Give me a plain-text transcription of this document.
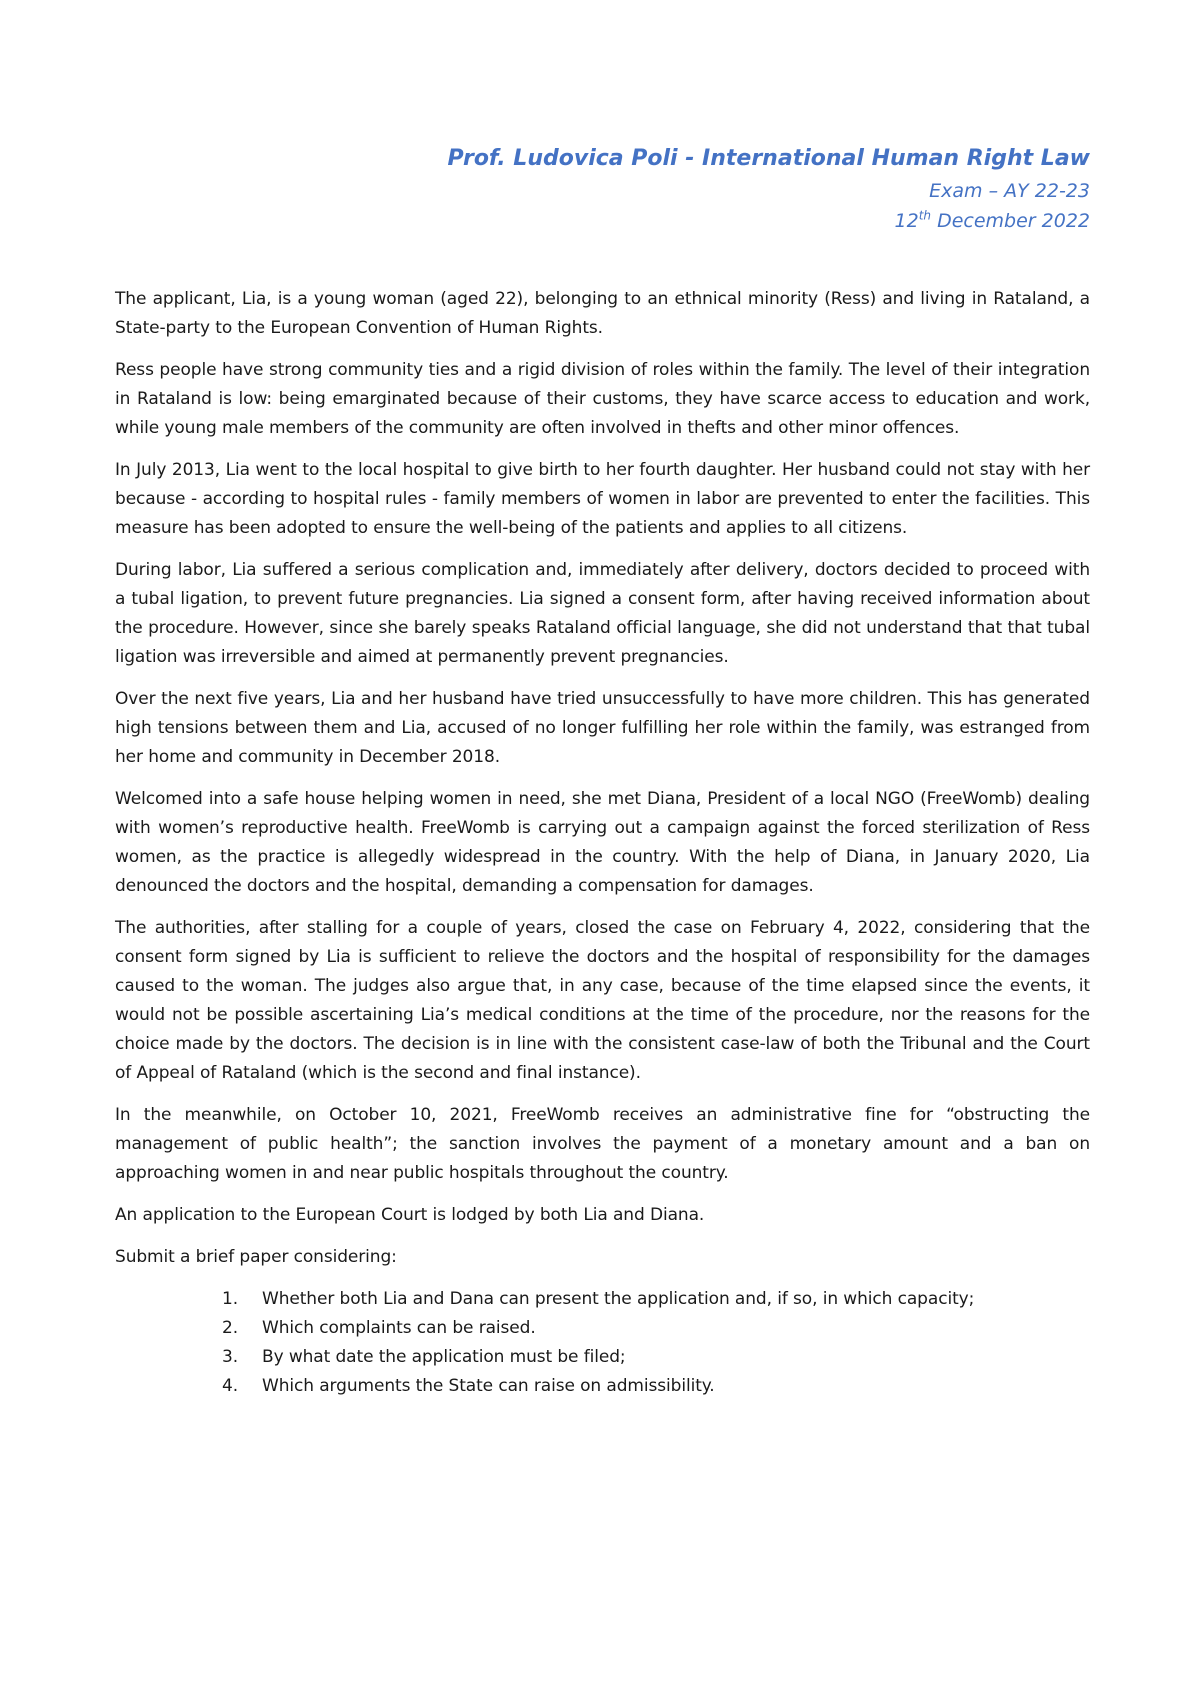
Prof. Ludovica Poli - International Human Right Law
Exam – AY 22-23
12th December 2022

The applicant, Lia, is a young woman (aged 22), belonging to an ethnical minority (Ress) and living in Rataland, a State-party to the European Convention of Human Rights.

Ress people have strong community ties and a rigid division of roles within the family. The level of their integration in Rataland is low: being emarginated because of their customs, they have scarce access to education and work, while young male members of the community are often involved in thefts and other minor offences.

In July 2013, Lia went to the local hospital to give birth to her fourth daughter. Her husband could not stay with her because - according to hospital rules - family members of women in labor are prevented to enter the facilities. This measure has been adopted to ensure the well-being of the patients and applies to all citizens.

During labor, Lia suffered a serious complication and, immediately after delivery, doctors decided to proceed with a tubal ligation, to prevent future pregnancies. Lia signed a consent form, after having received information about the procedure. However, since she barely speaks Rataland official language, she did not understand that that tubal ligation was irreversible and aimed at permanently prevent pregnancies.

Over the next five years, Lia and her husband have tried unsuccessfully to have more children. This has generated high tensions between them and Lia, accused of no longer fulfilling her role within the family, was estranged from her home and community in December 2018.

Welcomed into a safe house helping women in need, she met Diana, President of a local NGO (FreeWomb) dealing with women’s reproductive health. FreeWomb is carrying out a campaign against the forced sterilization of Ress women, as the practice is allegedly widespread in the country. With the help of Diana, in January 2020, Lia denounced the doctors and the hospital, demanding a compensation for damages.

The authorities, after stalling for a couple of years, closed the case on February 4, 2022, considering that the consent form signed by Lia is sufficient to relieve the doctors and the hospital of responsibility for the damages caused to the woman. The judges also argue that, in any case, because of the time elapsed since the events, it would not be possible ascertaining Lia’s medical conditions at the time of the procedure, nor the reasons for the choice made by the doctors. The decision is in line with the consistent case-law of both the Tribunal and the Court of Appeal of Rataland (which is the second and final instance).

In the meanwhile, on October 10, 2021, FreeWomb receives an administrative fine for “obstructing the management of public health”; the sanction involves the payment of a monetary amount and a ban on approaching women in and near public hospitals throughout the country.

An application to the European Court is lodged by both Lia and Diana.

Submit a brief paper considering:

1. Whether both Lia and Dana can present the application and, if so, in which capacity;
2. Which complaints can be raised.
3. By what date the application must be filed;
4. Which arguments the State can raise on admissibility.
